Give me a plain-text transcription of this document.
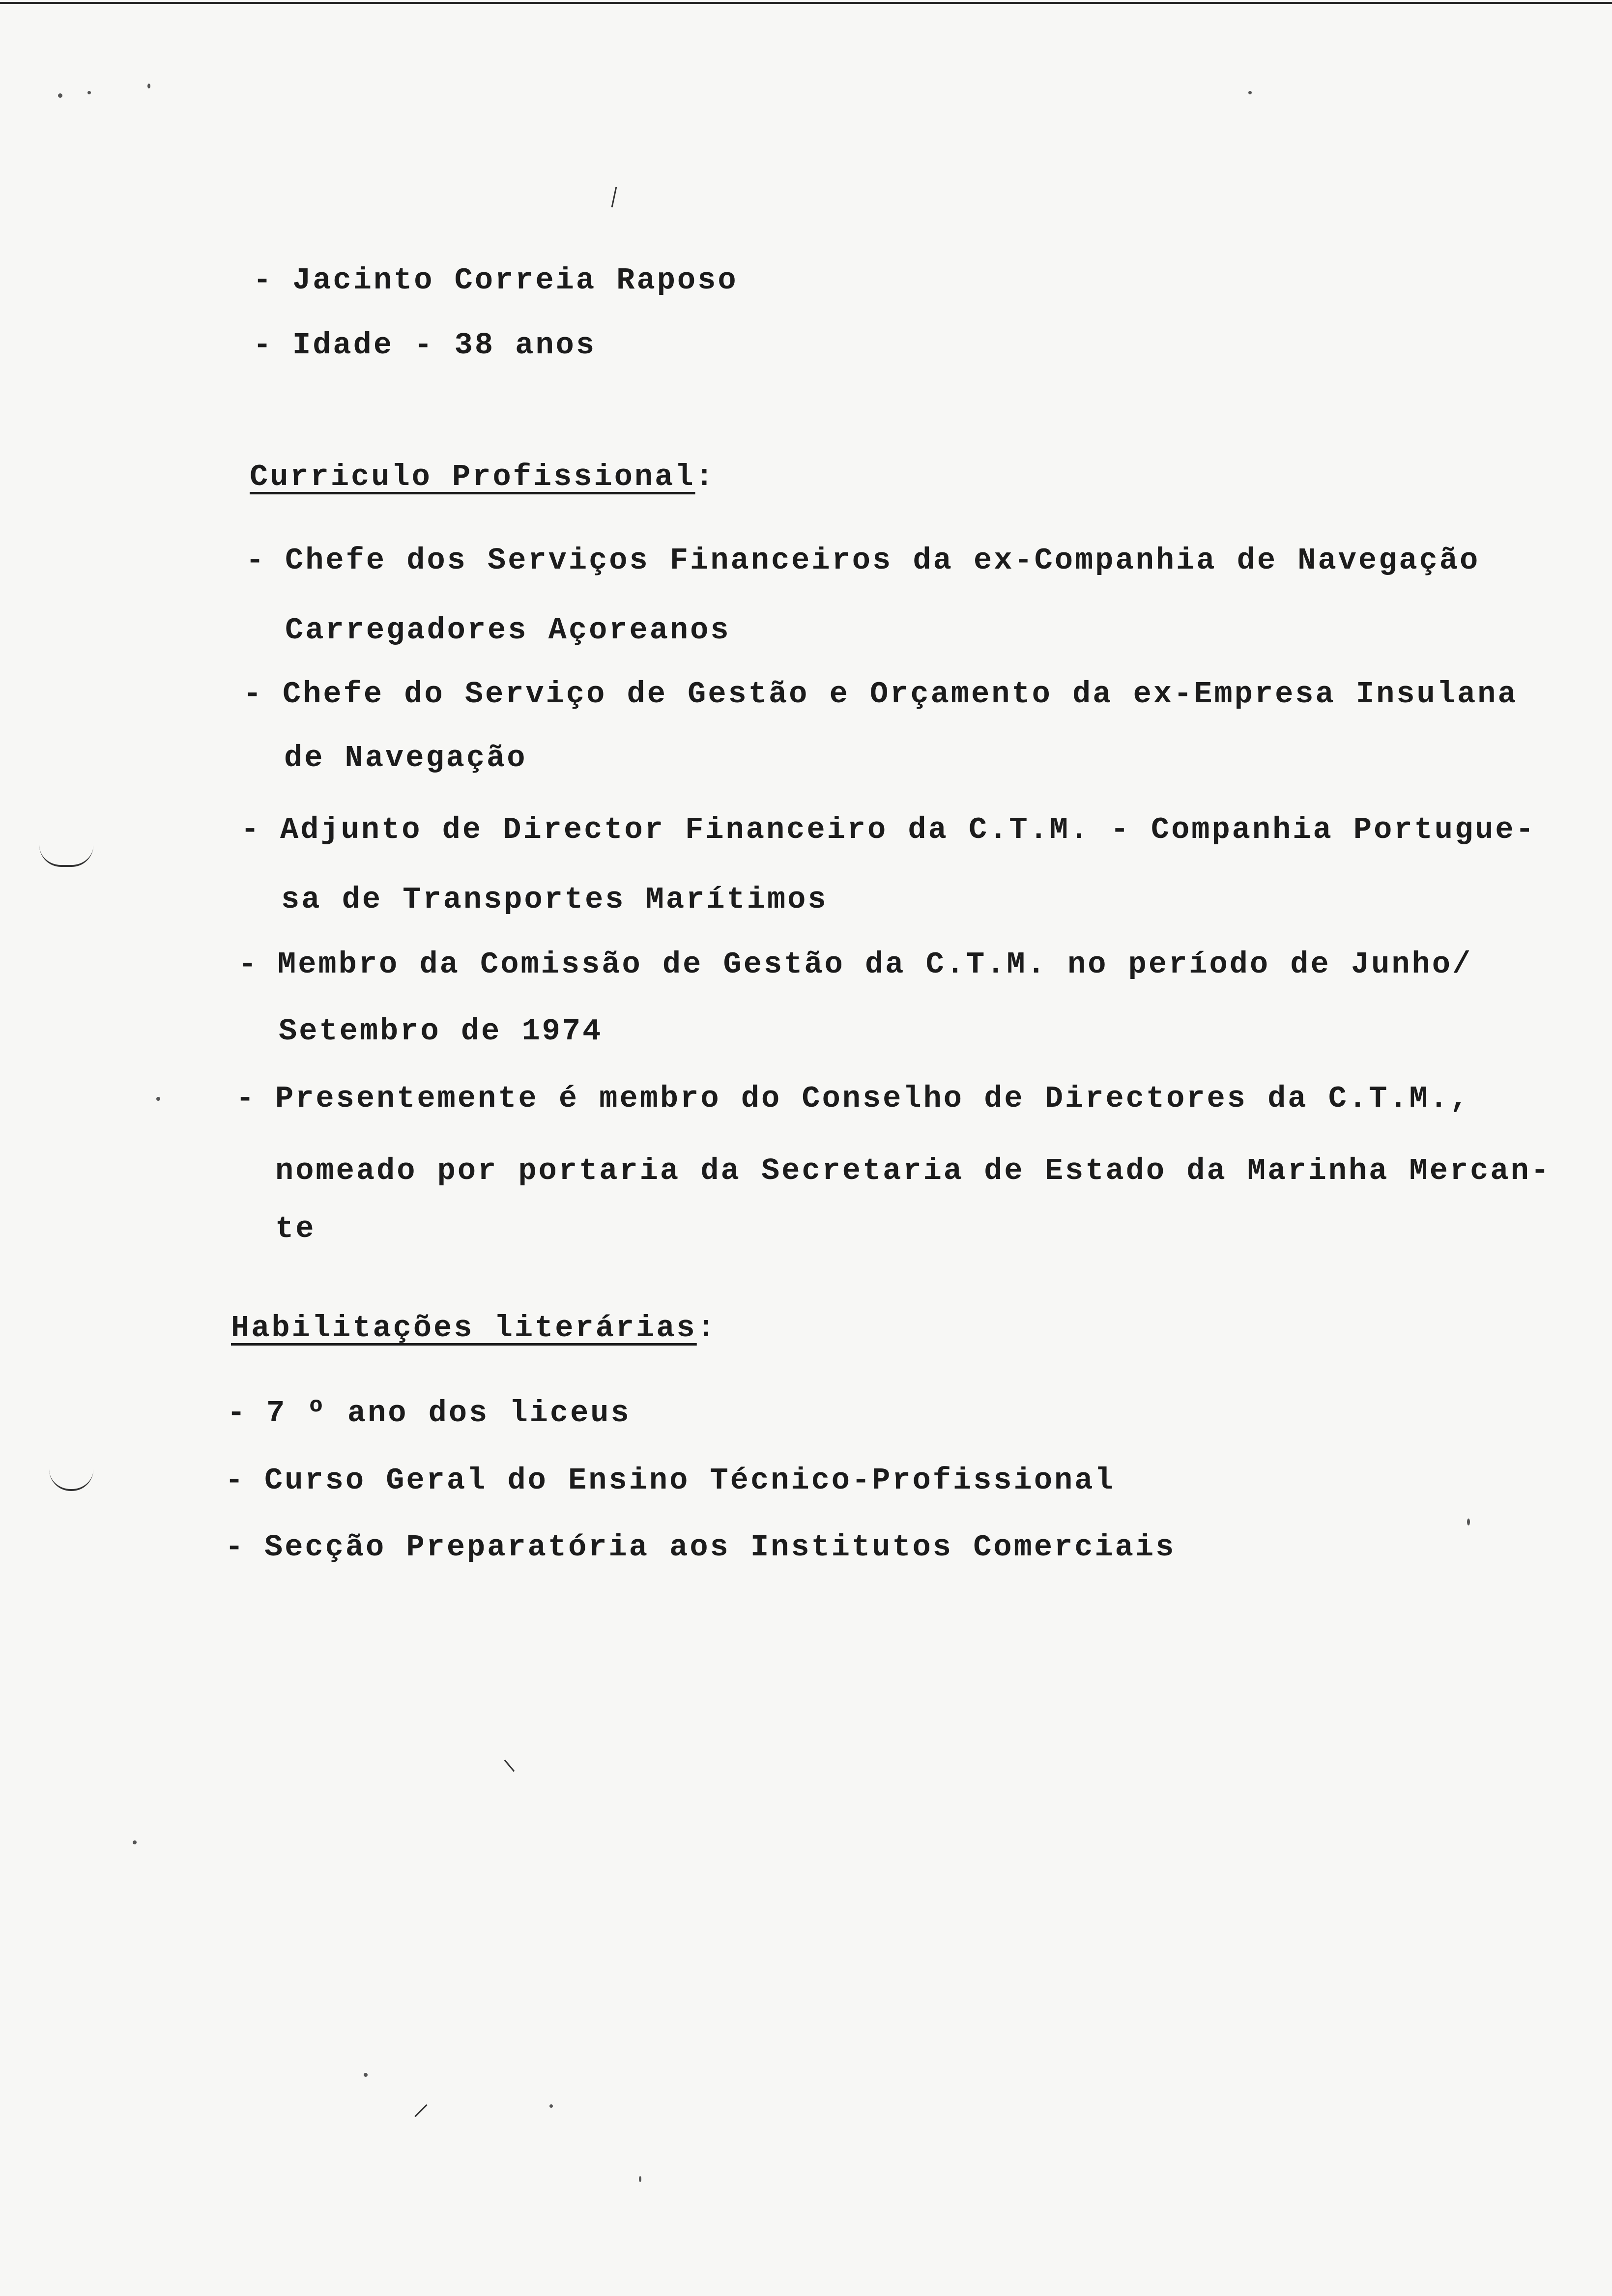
- Jacinto Correia Raposo
- Idade - 38 anos
Curriculo Profissional:
- Chefe dos Serviços Financeiros da ex-Companhia de Navegação
Carregadores Açoreanos
- Chefe do Serviço de Gestão e Orçamento da ex-Empresa Insulana
de Navegação
- Adjunto de Director Financeiro da C.T.M. - Companhia Portugue-
sa de Transportes Marítimos
- Membro da Comissão de Gestão da C.T.M. no período de Junho/
Setembro de 1974
- Presentemente é membro do Conselho de Directores da C.T.M.,
nomeado por portaria da Secretaria de Estado da Marinha Mercan-
te
Habilitações literárias:
- 7 º ano dos liceus
- Curso Geral do Ensino Técnico-Profissional
- Secção Preparatória aos Institutos Comerciais
